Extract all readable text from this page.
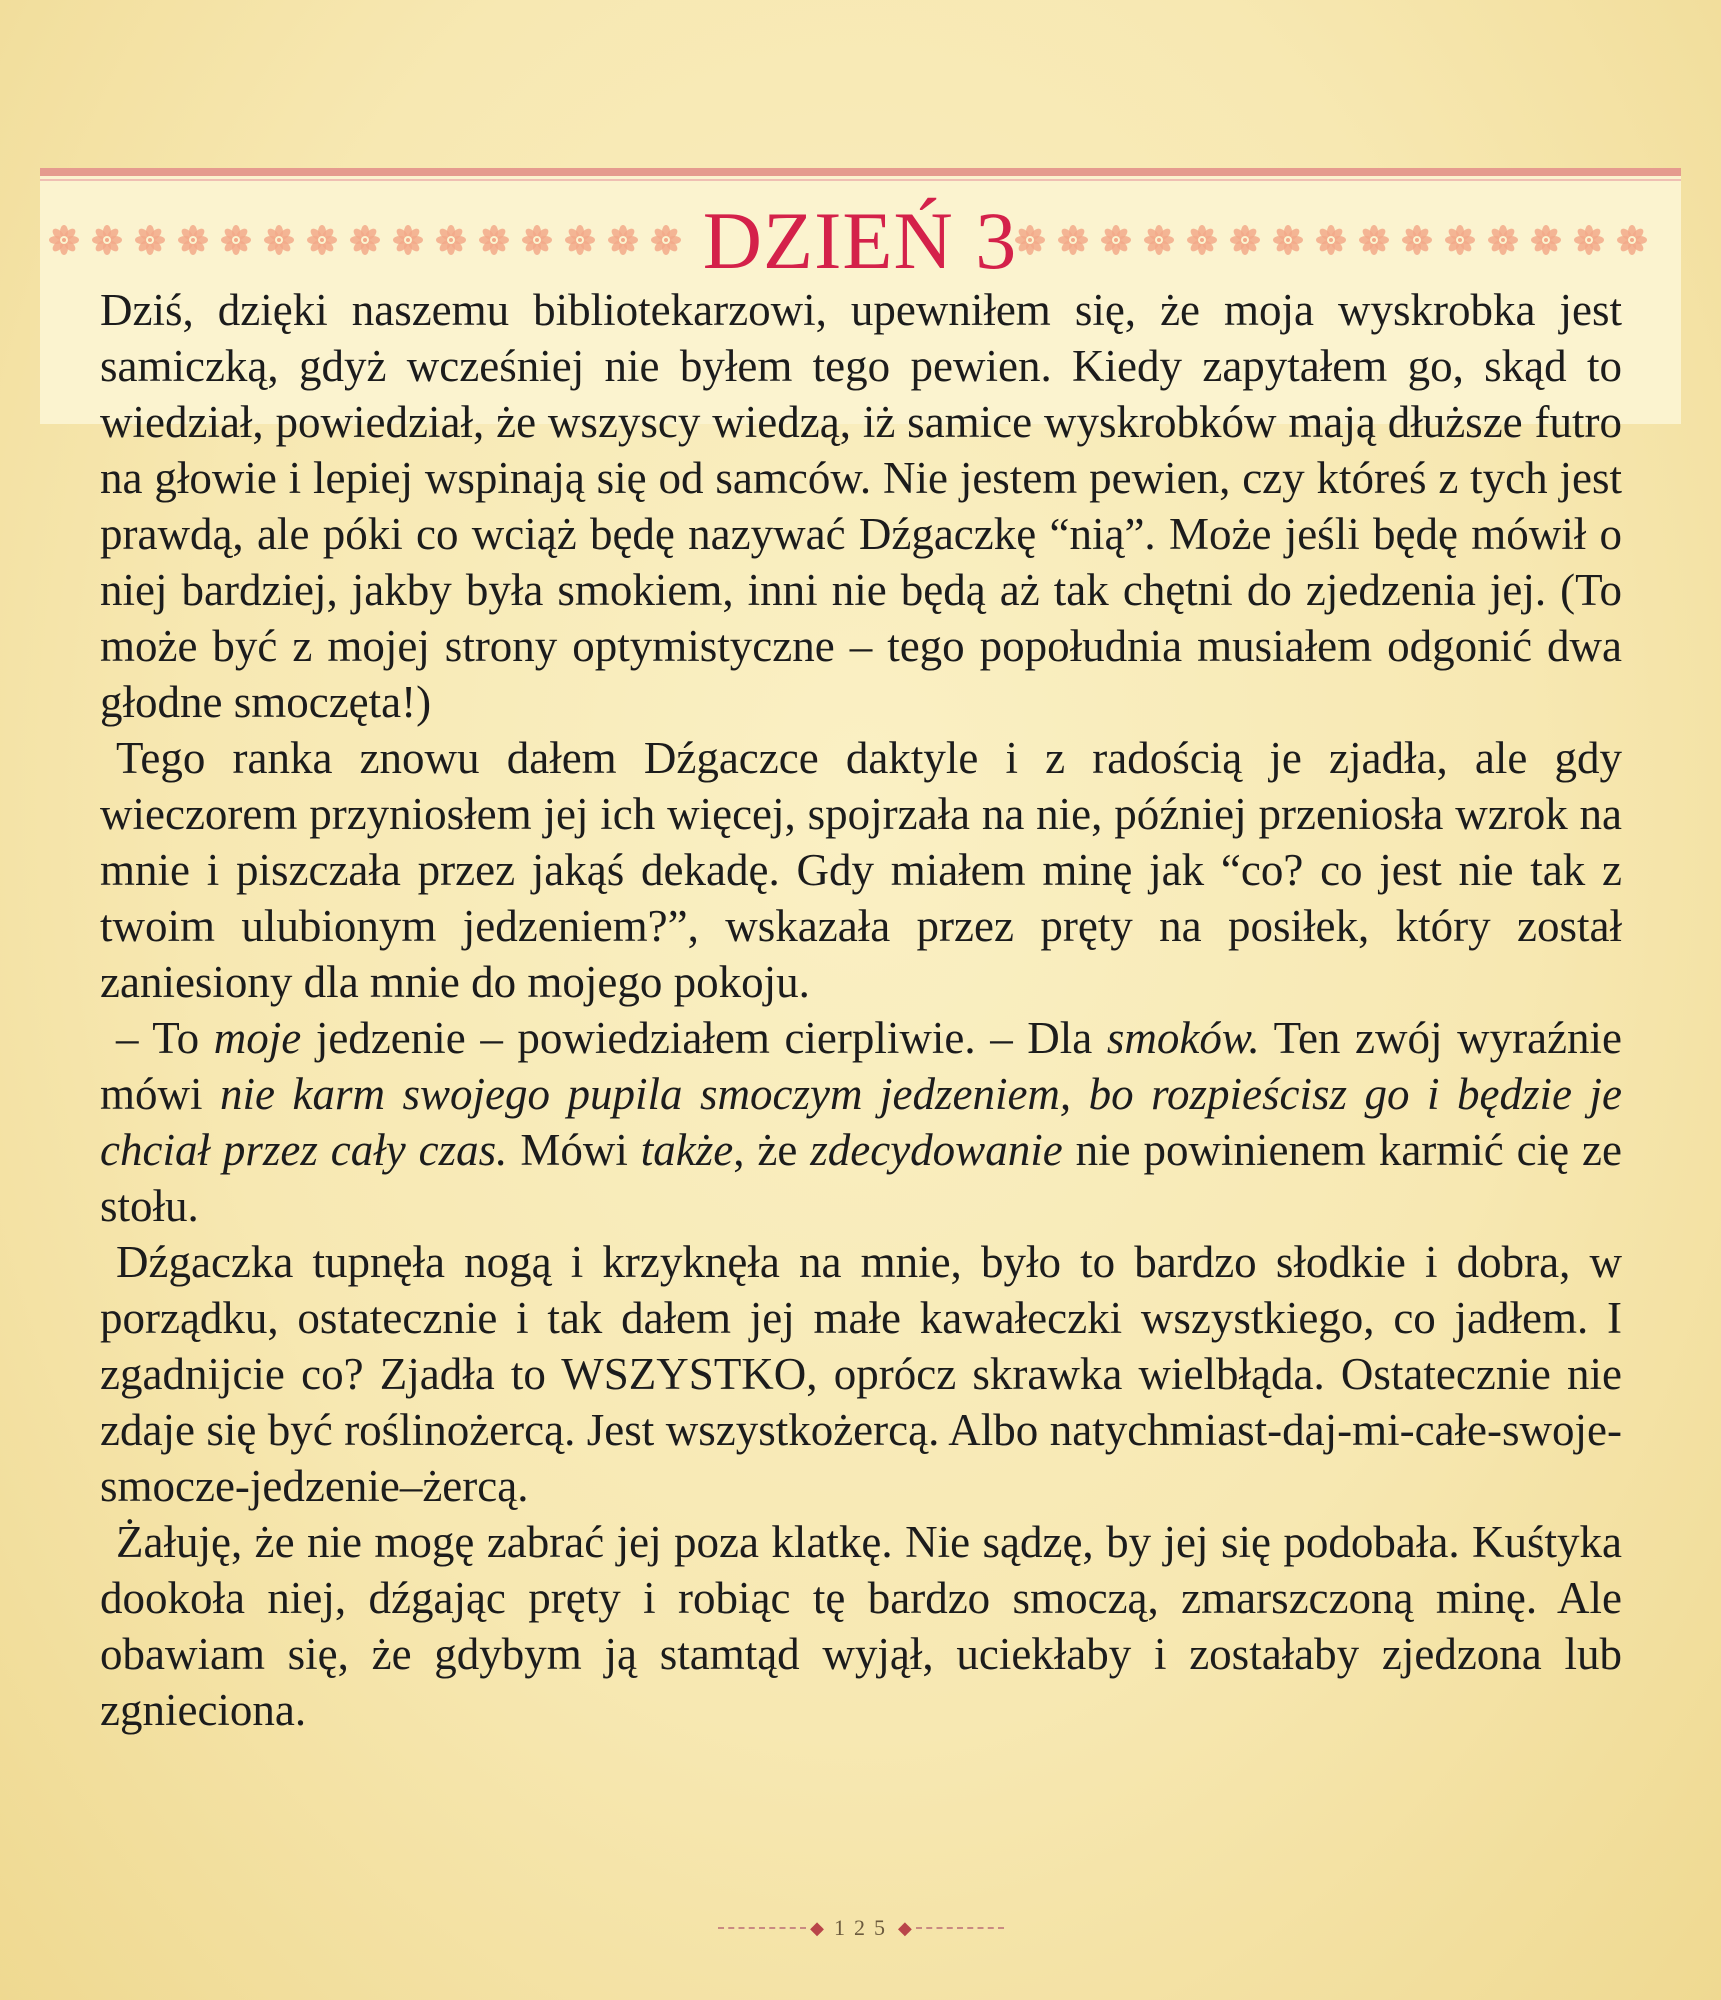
DZIEŃ 3

Dziś, dzięki naszemu bibliotekarzowi, upewniłem się, że moja wyskrobka jest samiczką, gdyż wcześniej nie byłem tego pewien. Kiedy zapytałem go, skąd to wiedział, powiedział, że wszyscy wiedzą, iż samice wyskrobków mają dłuższe futro na głowie i lepiej wspinają się od samców. Nie jestem pewien, czy któreś z tych jest prawdą, ale póki co wciąż będę nazywać Dźgaczkę “nią”. Może jeśli będę mówił o niej bardziej, jakby była smokiem, inni nie będą aż tak chętni do zjedzenia jej. (To może być z mojej strony optymistyczne – tego popołudnia musiałem odgonić dwa głodne smoczęta!)

Tego ranka znowu dałem Dźgaczce daktyle i z radością je zjadła, ale gdy wieczorem przyniosłem jej ich więcej, spojrzała na nie, później przeniosła wzrok na mnie i piszczała przez jakąś dekadę. Gdy miałem minę jak “co? co jest nie tak z twoim ulubionym jedzeniem?”, wskazała przez pręty na posiłek, który został zaniesiony dla mnie do mojego pokoju.

– To moje jedzenie – powiedziałem cierpliwie. – Dla smoków. Ten zwój wyraźnie mówi nie karm swojego pupila smoczym jedzeniem, bo rozpieścisz go i będzie je chciał przez cały czas. Mówi także, że zdecydowanie nie powinienem karmić cię ze stołu.

Dźgaczka tupnęła nogą i krzyknęła na mnie, było to bardzo słodkie i dobra, w porządku, ostatecznie i tak dałem jej małe kawałeczki wszystkiego, co jadłem. I zgadnijcie co? Zjadła to WSZYSTKO, oprócz skrawka wielbłąda. Ostatecznie nie zdaje się być roślinożercą. Jest wszystkożercą. Albo natychmiast-daj-mi-całe-swoje-smocze-jedzenie–żercą.

Żałuję, że nie mogę zabrać jej poza klatkę. Nie sądzę, by jej się podobała. Kuśtyka dookoła niej, dźgając pręty i robiąc tę bardzo smoczą, zmarszczoną minę. Ale obawiam się, że gdybym ją stamtąd wyjął, uciekłaby i zostałaby zjedzona lub zgnieciona.

◆ 125 ◆
